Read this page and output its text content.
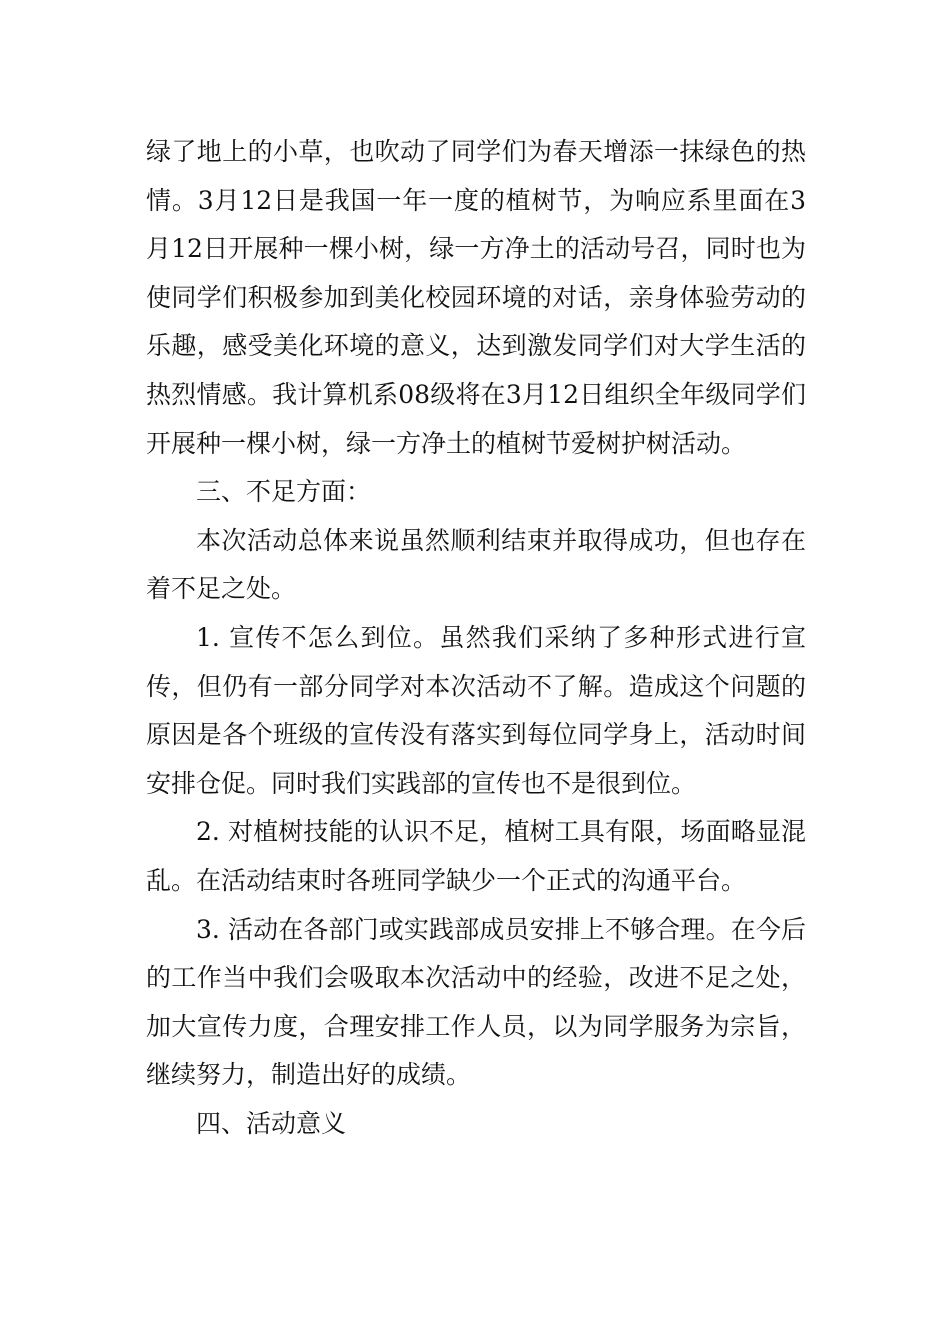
绿了地上的小草，也吹动了同学们为春天增添一抹绿色的热情。3月12日是我国一年一度的植树节，为响应系里面在3月12日开展种一棵小树，绿一方净土的活动号召，同时也为使同学们积极参加到美化校园环境的对话，亲身体验劳动的乐趣，感受美化环境的意义，达到激发同学们对大学生活的热烈情感。我计算机系08级将在3月12日组织全年级同学们开展种一棵小树，绿一方净土的植树节爱树护树活动。

三、不足方面：

本次活动总体来说虽然顺利结束并取得成功，但也存在着不足之处。

1. 宣传不怎么到位。虽然我们采纳了多种形式进行宣传，但仍有一部分同学对本次活动不了解。造成这个问题的原因是各个班级的宣传没有落实到每位同学身上，活动时间安排仓促。同时我们实践部的宣传也不是很到位。

2. 对植树技能的认识不足，植树工具有限，场面略显混乱。在活动结束时各班同学缺少一个正式的沟通平台。

3. 活动在各部门或实践部成员安排上不够合理。在今后的工作当中我们会吸取本次活动中的经验，改进不足之处，加大宣传力度，合理安排工作人员，以为同学服务为宗旨，继续努力，制造出好的成绩。

四、活动意义
